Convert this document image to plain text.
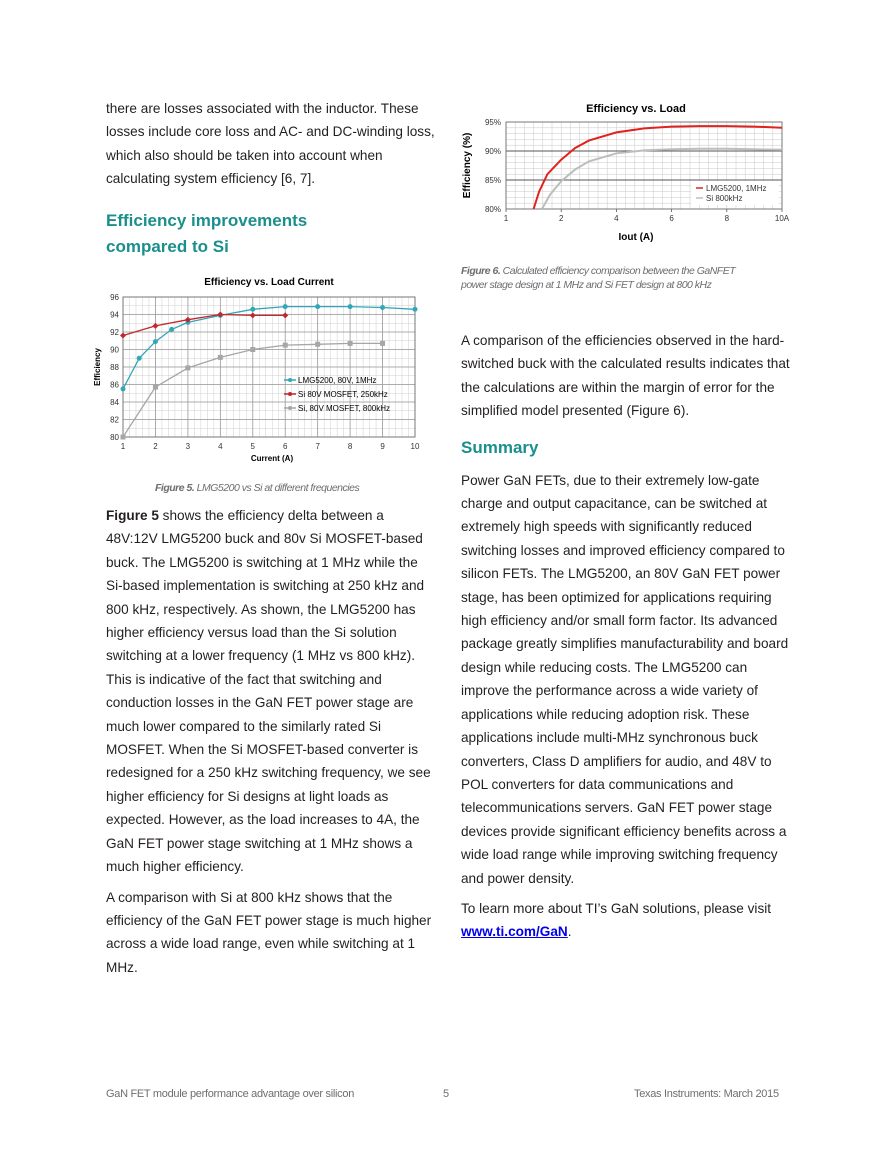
there are losses associated with the inductor. These losses include core loss and AC- and DC-winding loss, which also should be taken into account when calculating system efficiency [6, 7].

Efficiency improvements
compared to Si
Efficiency vs. Load Current
80
82
84
86
88
90
92
94
96
1	2	3	4	5	6	7	8	9	10
Current (A)
Efficiency	LMG5200, 80V, 1MHz
Si 80V MOSFET, 250kHz
Si, 80V MOSFET, 800kHz
Figure 5. LMG5200 vs Si at different frequencies

Figure 5 shows the efficiency delta between a 48V:12V LMG5200 buck and 80v Si MOSFET-based buck. The LMG5200 is switching at 1 MHz while the Si-based implementation is switching at 250 kHz and 800 kHz, respectively. As shown, the LMG5200 has higher efficiency versus load than the Si solution switching at a lower frequency (1 MHz vs 800 kHz). This is indicative of the fact that switching and conduction losses in the GaN FET power stage are much lower compared to the similarly rated Si MOSFET. When the Si MOSFET-based converter is redesigned for a 250 kHz switching frequency, we see higher efficiency for Si designs at light loads as expected. However, as the load increases to 4A, the GaN FET power stage switching at 1 MHz shows a much higher efficiency.

A comparison with Si at 800 kHz shows that the efficiency of the GaN FET power stage is much higher across a wide load range, even while switching at 1 MHz.

Efficiency vs. Load
80%
85%
90%
95%
1	2	4	6	8	10A
Iout (A)
Efficiency (%)	LMG5200, 1MHz
Si 800kHz
Figure 6. Calculated efficiency comparison between the GaNFET
power stage design at 1 MHz and Si FET design at 800 kHz

A comparison of the efficiencies observed in the hard-switched buck with the calculated results indicates that the calculations are within the margin of error for the simplified model presented (Figure 6).

Summary

Power GaN FETs, due to their extremely low-gate charge and output capacitance, can be switched at extremely high speeds with significantly reduced switching losses and improved efficiency compared to silicon FETs. The LMG5200, an 80V GaN FET power stage, has been optimized for applications requiring high efficiency and/or small form factor. Its advanced package greatly simplifies manufacturability and board design while reducing costs. The LMG5200 can improve the performance across a wide variety of applications while reducing adoption risk. These applications include multi-MHz synchronous buck converters, Class D amplifiers for audio, and 48V to POL converters for data communications and telecommunications servers. GaN FET power stage devices provide significant efficiency benefits across a wide load range while improving switching frequency and power density.

To learn more about TI’s GaN solutions, please visit
www.ti.com/GaN.

GaN FET module performance advantage over silicon	5	Texas Instruments: March 2015
